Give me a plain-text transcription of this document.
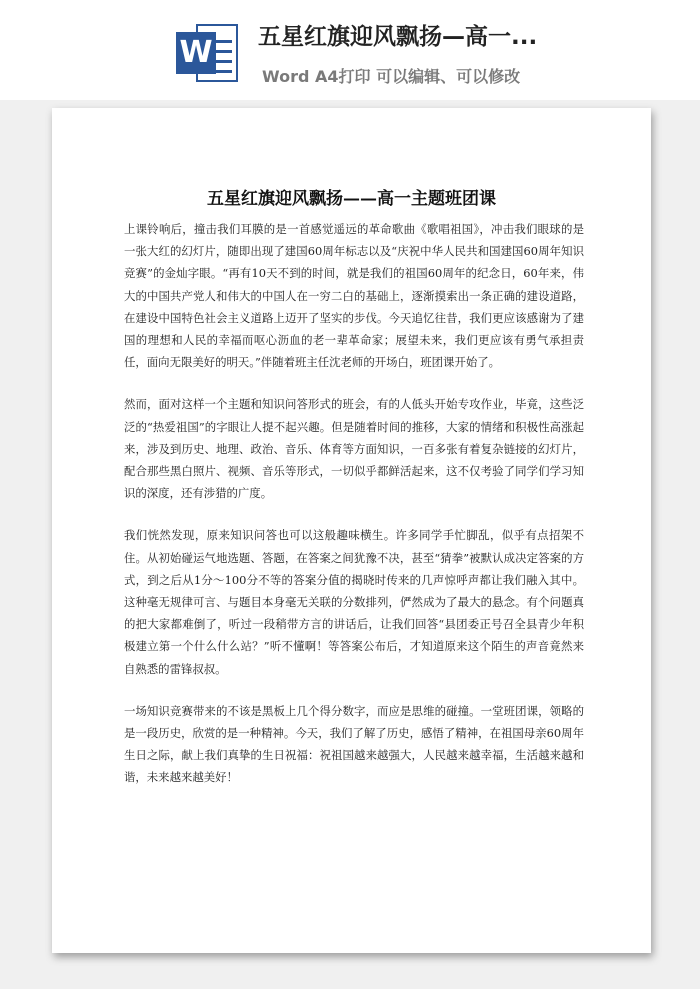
W 五星红旗迎风飘扬—高一...
Word A4打印 可以编辑、可以修改
五星红旗迎风飘扬——高一主题班团课

上课铃响后，撞击我们耳膜的是一首感觉遥远的革命歌曲《歌唱祖国》，冲击我们眼球的是一张大红的幻灯片，随即出现了建国60周年标志以及“庆祝中华人民共和国建国60周年知识竞赛”的金灿字眼。“再有10天不到的时间，就是我们的祖国60周年的纪念日，60年来，伟大的中国共产党人和伟大的中国人在一穷二白的基础上，逐渐摸索出一条正确的建设道路，在建设中国特色社会主义道路上迈开了坚实的步伐。今天追忆往昔，我们更应该感谢为了建国的理想和人民的幸福而呕心沥血的老一辈革命家；展望未来，我们更应该有勇气承担责任，面向无限美好的明天。”伴随着班主任沈老师的开场白，班团课开始了。

然而，面对这样一个主题和知识问答形式的班会，有的人低头开始专攻作业，毕竟，这些泛泛的“热爱祖国”的字眼让人提不起兴趣。但是随着时间的推移，大家的情绪和积极性高涨起来，涉及到历史、地理、政治、音乐、体育等方面知识，一百多张有着复杂链接的幻灯片，配合那些黑白照片、视频、音乐等形式，一切似乎都鲜活起来，这不仅考验了同学们学习知识的深度，还有涉猎的广度。

我们恍然发现，原来知识问答也可以这般趣味横生。许多同学手忙脚乱，似乎有点招架不住。从初始碰运气地选题、答题，在答案之间犹豫不决，甚至“猜拳”被默认成决定答案的方式，到之后从1分～100分不等的答案分值的揭晓时传来的几声惊呼声都让我们融入其中。这种毫无规律可言、与题目本身毫无关联的分数排列，俨然成为了最大的悬念。有个问题真的把大家都难倒了，听过一段稍带方言的讲话后，让我们回答“县团委正号召全县青少年积极建立第一个什么什么站？”听不懂啊！等答案公布后，才知道原来这个陌生的声音竟然来自熟悉的雷锋叔叔。

一场知识竞赛带来的不该是黑板上几个得分数字，而应是思维的碰撞。一堂班团课，领略的是一段历史，欣赏的是一种精神。今天，我们了解了历史，感悟了精神，在祖国母亲60周年生日之际，献上我们真挚的生日祝福：祝祖国越来越强大，人民越来越幸福，生活越来越和谐，未来越来越美好！
